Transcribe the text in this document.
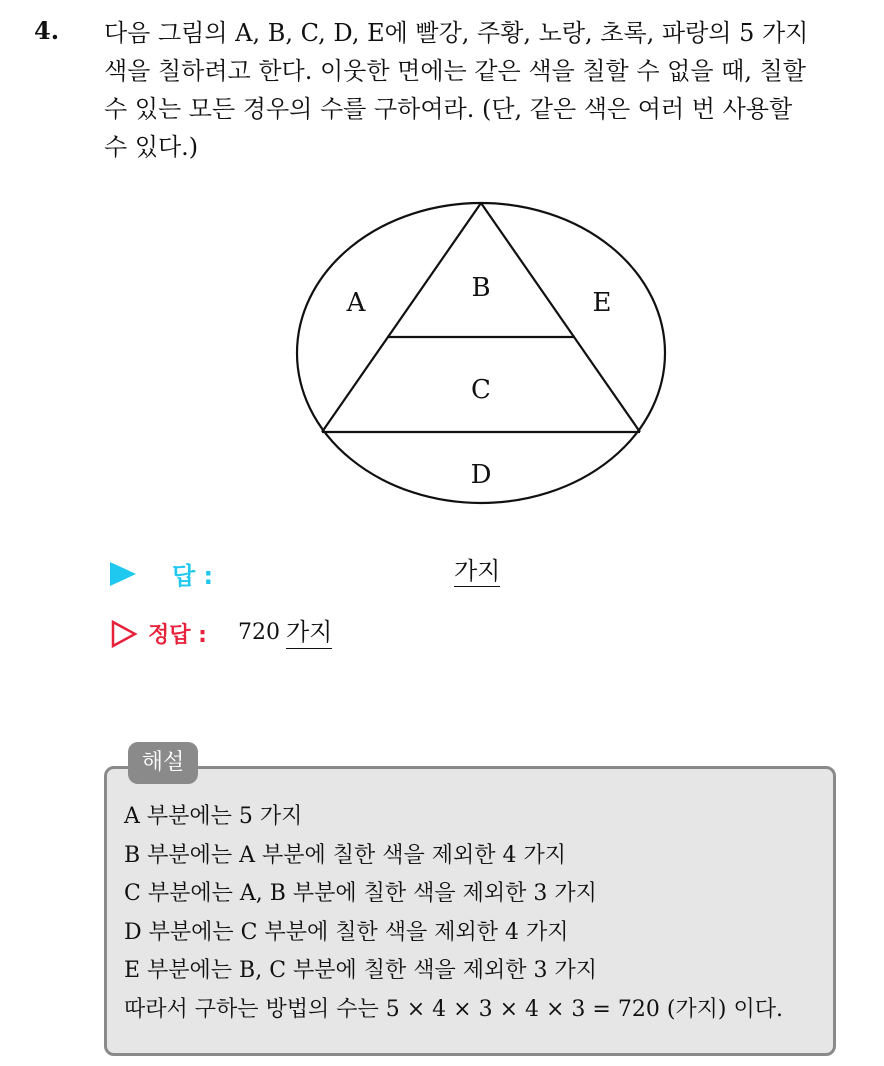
4. 다음 그림의 A, B, C, D, E에 빨강, 주황, 노랑, 초록, 파랑의 5 가지
색을 칠하려고 한다. 이웃한 면에는 같은 색을 칠할 수 없을 때, 칠할
수 있는 모든 경우의 수를 구하여라. (단, 같은 색은 여러 번 사용할
수 있다.)

A	B	E
C
D
답 :	가지
정답 : 720 가지
해설
A 부분에는 5 가지
B 부분에는 A 부분에 칠한 색을 제외한 4 가지
C 부분에는 A, B 부분에 칠한 색을 제외한 3 가지
D 부분에는 C 부분에 칠한 색을 제외한 4 가지
E 부분에는 B, C 부분에 칠한 색을 제외한 3 가지
따라서 구하는 방법의 수는 5 × 4 × 3 × 4 × 3 = 720 (가지) 이다.
